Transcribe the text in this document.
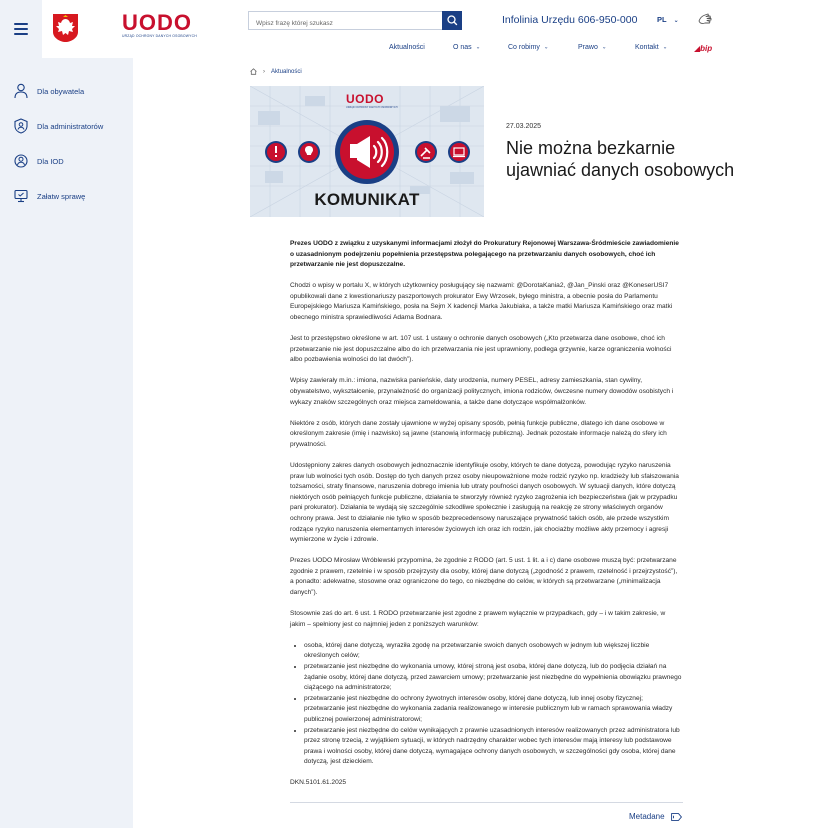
UODO
URZĄD OCHRONY DANYCH OSOBOWYCH
Wpisz frazę której szukasz
Infolinia Urzędu 606-950-000	PL ⌄
Aktualności	O nas ⌄	Co robimy ⌄	Prawo ⌄	Kontakt ⌄	◢bip
Dla obywatela
Dla administratorów
Dla IOD
Załatw sprawę
› Aktualności
UODO
URZĄD OCHRONY DANYCH OSOBOWYCH
KOMUNIKAT
27.03.2025
Nie można bezkarnie ujawniać danych osobowych

Prezes UODO z związku z uzyskanymi informacjami złożył do Prokuratury Rejonowej Warszawa-Śródmieście zawiadomienie o uzasadnionym podejrzeniu popełnienia przestępstwa polegającego na przetwarzaniu danych osobowych, choć ich przetwarzanie nie jest dopuszczalne.

Chodzi o wpisy w portalu X, w których użytkownicy posługujący się nazwami: @DorotaKania2, @Jan_Pinski oraz @KoneserUSI7 opublikowali dane z kwestionariuszy paszportowych prokurator Ewy Wrzosek, byłego ministra, a obecnie posła do Parlamentu Europejskiego Mariusza Kamińskiego, posła na Sejm X kadencji Marka Jakubiaka, a także matki Mariusza Kamińskiego oraz matki obecnego ministra sprawiedliwości Adama Bodnara.

Jest to przestępstwo określone w art. 107 ust. 1 ustawy o ochronie danych osobowych („Kto przetwarza dane osobowe, choć ich przetwarzanie nie jest dopuszczalne albo do ich przetwarzania nie jest uprawniony, podlega grzywnie, karze ograniczenia wolności albo pozbawienia wolności do lat dwóch”).

Wpisy zawierały m.in.: imiona, nazwiska panieńskie, daty urodzenia, numery PESEL, adresy zamieszkania, stan cywilny, obywatelstwo, wykształcenie, przynależność do organizacji politycznych, imiona rodziców, ówczesne numery dowodów osobistych i wykazy znaków szczególnych oraz miejsca zameldowania, a także dane dotyczące współmałżonków.

Niektóre z osób, których dane zostały ujawnione w wyżej opisany sposób, pełnią funkcje publiczne, dlatego ich dane osobowe w określonym zakresie (imię i nazwisko) są jawne (stanowią informację publiczną). Jednak pozostałe informacje należą do sfery ich prywatności.

Udostępniony zakres danych osobowych jednoznacznie identyfikuje osoby, których te dane dotyczą, powodując ryzyko naruszenia praw lub wolności tych osób. Dostęp do tych danych przez osoby nieupoważnione może rodzić ryzyko np. kradzieży lub sfałszowania tożsamości, straty finansowe, naruszenia dobrego imienia lub utraty poufności danych osobowych. W sytuacji danych, które dotyczą niektórych osób pełniących funkcje publiczne, działania te stworzyły również ryzyko zagrożenia ich bezpieczeństwa (jak w przypadku pani prokurator). Działania te wydają się szczególnie szkodliwe społecznie i zasługują na reakcję ze strony właściwych organów ochrony prawa. Jest to działanie nie tylko w sposób bezprecedensowy naruszające prywatność takich osób, ale przede wszystkim rodzące ryzyko naruszenia elementarnych interesów życiowych ich oraz ich rodzin, jak chociażby możliwe akty przemocy i agresji wymierzone w życie i zdrowie.

Prezes UODO Mirosław Wróblewski przypomina, że zgodnie z RODO (art. 5 ust. 1 lit. a i c) dane osobowe muszą być: przetwarzane zgodnie z prawem, rzetelnie i w sposób przejrzysty dla osoby, której dane dotyczą („zgodność z prawem, rzetelność i przejrzystość”), a ponadto: adekwatne, stosowne oraz ograniczone do tego, co niezbędne do celów, w których są przetwarzane („minimalizacja danych”).

Stosownie zaś do art. 6 ust. 1 RODO przetwarzanie jest zgodne z prawem wyłącznie w przypadkach, gdy – i w takim zakresie, w jakim – spełniony jest co najmniej jeden z poniższych warunków:

• osoba, której dane dotyczą, wyraziła zgodę na przetwarzanie swoich danych osobowych w jednym lub większej liczbie określonych celów;
• przetwarzanie jest niezbędne do wykonania umowy, której stroną jest osoba, której dane dotyczą, lub do podjęcia działań na żądanie osoby, której dane dotyczą, przed zawarciem umowy; przetwarzanie jest niezbędne do wypełnienia obowiązku prawnego ciążącego na administratorze;
• przetwarzanie jest niezbędne do ochrony żywotnych interesów osoby, której dane dotyczą, lub innej osoby fizycznej; przetwarzanie jest niezbędne do wykonania zadania realizowanego w interesie publicznym lub w ramach sprawowania władzy publicznej powierzonej administratorowi;
• przetwarzanie jest niezbędne do celów wynikających z prawnie uzasadnionych interesów realizowanych przez administratora lub przez stronę trzecią, z wyjątkiem sytuacji, w których nadrzędny charakter wobec tych interesów mają interesy lub podstawowe prawa i wolności osoby, której dane dotyczą, wymagające ochrony danych osobowych, w szczególności gdy osoba, której dane dotyczą, jest dzieckiem.

DKN.5101.61.2025

Metadane
